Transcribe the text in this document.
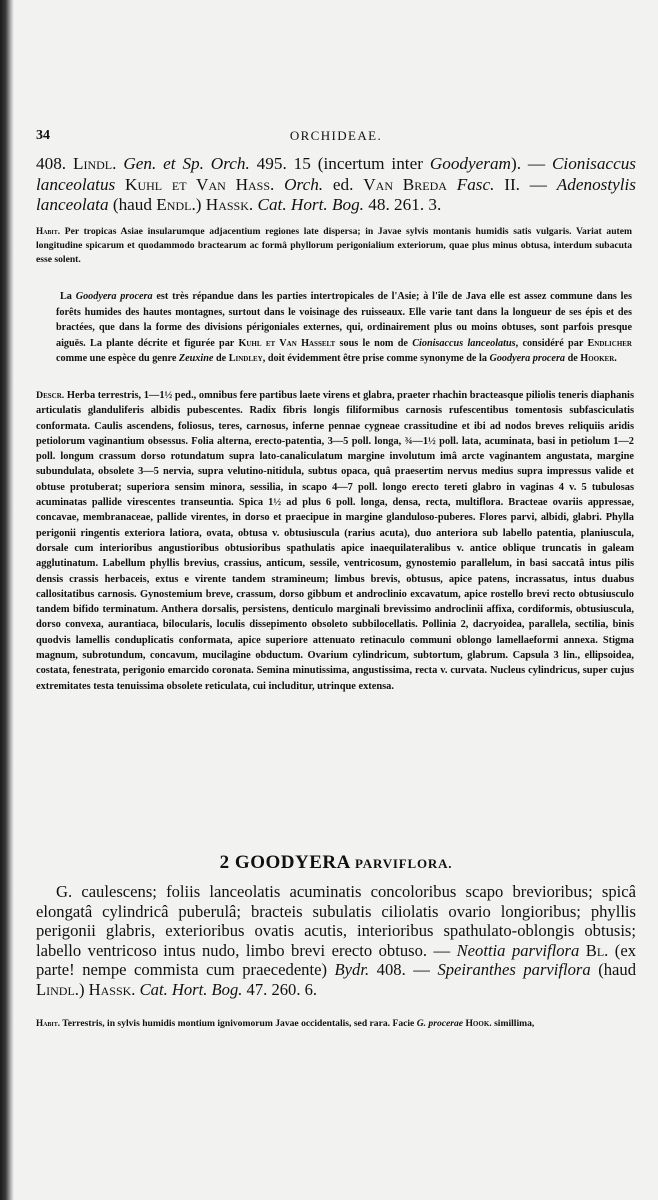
34	ORCHIDEAE.
408. Lindl. Gen. et Sp. Orch. 495. 15 (incertum inter Goodyeram). — Cionisaccus lanceolatus Kuhl et Van Hass. Orch. ed. Van Breda Fasc. II. — Adenostylis lanceolata (haud Endl.) Hassk. Cat. Hort. Bog. 48. 261. 3.
Habit. Per tropicas Asiae insularumque adjacentium regiones late dispersa; in Javae sylvis montanis humidis satis vulgaris. Variat autem longitudine spicarum et quodammodo bractearum ac formâ phyllorum perigonialium exteriorum, quae plus minus obtusa, interdum subacuta esse solent.
La Goodyera procera est très répandue dans les parties intertropicales de l'Asie; à l'île de Java elle est assez commune dans les forêts humides des hautes montagnes, surtout dans le voisinage des ruisseaux. Elle varie tant dans la longueur de ses épis et des bractées, que dans la forme des divisions périgoniales externes, qui, ordinairement plus ou moins obtuses, sont parfois presque aiguës. La plante décrite et figurée par Kuhl et Van Hasselt sous le nom de Cionisaccus lanceolatus, considéré par Endlicher comme une espèce du genre Zeuxine de Lindley, doit évidemment être prise comme synonyme de la Goodyera procera de Hooker.
Descr. Herba terrestris, 1—1½ ped., omnibus fere partibus laete virens et glabra, praeter rhachin bracteasque piliolis teneris diaphanis articulatis glanduliferis albidis pubescentes. Radix fibris longis filiformibus carnosis rufescentibus tomentosis subfasciculatis conformata. Caulis ascendens, foliosus, teres, carnosus, inferne pennae cygneae crassitudine et ibi ad nodos breves reliquiis aridis petiolorum vaginantium obsessus. Folia alterna, erecto-patentia, 3—5 poll. longa, ¾—1½ poll. lata, acuminata, basi in petiolum 1—2 poll. longum crassum dorso rotundatum supra lato-canaliculatum margine involutum imâ arcte vaginantem angustata, margine subundulata, obsolete 3—5 nervia, supra velutino-nitidula, subtus opaca, quâ praesertim nervus medius supra impressus valide et obtuse protuberat; superiora sensim minora, sessilia, in scapo 4—7 poll. longo erecto tereti glabro in vaginas 4 v. 5 tubulosas acuminatas pallide virescentes transeuntia. Spica 1½ ad plus 6 poll. longa, densa, recta, multiflora. Bracteae ovariis appressae, concavae, membranaceae, pallide virentes, in dorso et praecipue in margine glanduloso-puberes. Flores parvi, albidi, glabri. Phylla perigonii ringentis exteriora latiora, ovata, obtusa v. obtusiuscula (rarius acuta), duo anteriora sub labello patentia, planiuscula, dorsale cum interioribus angustioribus obtusioribus spathulatis apice inaequilateralibus v. antice oblique truncatis in galeam agglutinatum. Labellum phyllis brevius, crassius, anticum, sessile, ventricosum, gynostemio parallelum, in basi saccatâ intus pilis densis crassis herbaceis, extus e virente tandem stramineum; limbus brevis, obtusus, apice patens, incrassatus, intus duabus callositatibus carnosis. Gynostemium breve, crassum, dorso gibbum et androclinio excavatum, apice rostello brevi recto obtusiusculo tandem bifido terminatum. Anthera dorsalis, persistens, denticulo marginali brevissimo androclinii affixa, cordiformis, obtusiuscula, dorso convexa, aurantiaca, bilocularis, loculis dissepimento obsoleto subbilocellatis. Pollinia 2, dacryoidea, parallela, sectilia, binis quodvis lamellis conduplicatis conformata, apice superiore attenuato retinaculo communi oblongo lamellaeformi annexa. Stigma magnum, subrotundum, concavum, mucilagine obductum. Ovarium cylindricum, subtortum, glabrum. Capsula 3 lin., ellipsoidea, costata, fenestrata, perigonio emarcido coronata. Semina minutissima, angustissima, recta v. curvata. Nucleus cylindricus, super cujus extremitates testa tenuissima obsolete reticulata, cui includitur, utrinque extensa.
2 GOODYERA PARVIFLORA.
G. caulescens; foliis lanceolatis acuminatis concoloribus scapo brevioribus; spicâ elongatâ cylindricâ puberulâ; bracteis subulatis ciliolatis ovario longioribus; phyllis perigonii glabris, exterioribus ovatis acutis, interioribus spathulato-oblongis obtusis; labello ventricoso intus nudo, limbo brevi erecto obtuso. — Neottia parviflora Bl. (ex parte! nempe commista cum praecedente) Bydr. 408. — Speiranthes parviflora (haud Lindl.) Hassk. Cat. Hort. Bog. 47. 260. 6.
Habit. Terrestris, in sylvis humidis montium ignivomorum Javae occidentalis, sed rara. Facie G. procerae Hook. simillima,
